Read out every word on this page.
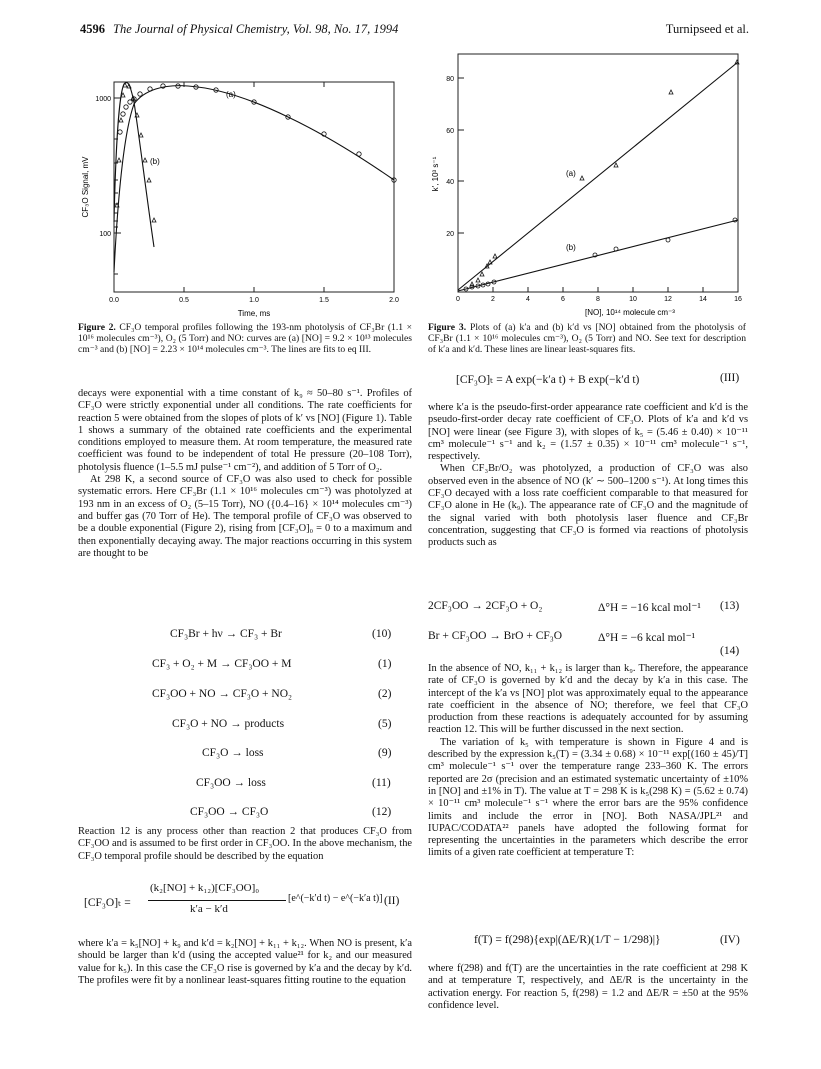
4596 The Journal of Physical Chemistry, Vol. 98, No. 17, 1994	Turnipseed et al.
0.0	0.5	1.0	1.5	2.0
1000
100
Time, ms
CF₃O Signal, mV
(a)
(b)
Figure 2. CF₃O temporal profiles following the 193-nm photolysis of CF₃Br (1.1 × 10¹⁶ molecules cm⁻³), O₂ (5 Torr) and NO: curves are (a) [NO] = 9.2 × 10¹³ molecules cm⁻³ and (b) [NO] = 2.23 × 10¹⁴ molecules cm⁻³. The lines are fits to eq III.
0	2	4	6	8	10	12	14	16
20
40
60
80
[NO], 10¹⁴ molecule cm⁻³
k', 10³ s⁻¹	(a)
(b)
Figure 3. Plots of (a) k′a and (b) k′d vs [NO] obtained from the photolysis of CF₃Br (1.1 × 10¹⁶ molecules cm⁻³), O₂ (5 Torr) and NO. See text for description of k′a and k′d. These lines are linear least-squares fits.

decays were exponential with a time constant of k₉ ≈ 50–80 s⁻¹. Profiles of CF₃O were strictly exponential under all conditions. The rate coefficients for reaction 5 were obtained from the slopes of plots of k′ vs [NO] (Figure 1). Table 1 shows a summary of the obtained rate coefficients and the experimental conditions employed to measure them. At room temperature, the measured rate coefficient was found to be independent of total He pressure (20–108 Torr), photolysis fluence (1–5.5 mJ pulse⁻¹ cm⁻²), and addition of 5 Torr of O₂.

At 298 K, a second source of CF₃O was also used to check for possible systematic errors. Here CF₃Br (1.1 × 10¹⁶ molecules cm⁻³) was photolyzed at 193 nm in an excess of O₂ (5–15 Torr), NO ({0.4–16} × 10¹⁴ molecules cm⁻³) and buffer gas (70 Torr of He). The temporal profile of CF₃O was observed to be a double exponential (Figure 2), rising from [CF₃O]₀ = 0 to a maximum and then exponentially decaying away. The major reactions occurring in this system are thought to be

CF₃Br + hν → CF₃ + Br	(10)
CF₃ + O₂ + M → CF₃OO + M	(1)
CF₃OO + NO → CF₃O + NO₂	(2)
CF₃O + NO → products	(5)
CF₃O → loss	(9)
CF₃OO → loss	(11)
CF₃OO → CF₃O	(12)

Reaction 12 is any process other than reaction 2 that produces CF₃O from CF₃OO and is assumed to be first order in CF₃OO. In the above mechanism, the CF₃O temporal profile should be described by the equation

[CF₃O]ₜ =
(k₂[NO] + k₁₂)[CF₃OO]₀
k′a − k′d
[e^(−k′d t) − e^(−k′a t)] (II)

where k′a = k₅[NO] + k₉ and k′d = k₂[NO] + k₁₁ + k₁₂. When NO is present, k′a should be larger than k′d (using the accepted value²¹ for k₂ and our measured value for k₅). In this case the CF₃O rise is governed by k′a and the decay by k′d. The profiles were fit by a nonlinear least-squares fitting routine to the equation

[CF₃O]ₜ = A exp(−k′a t) + B exp(−k′d t)	(III)

where k′a is the pseudo-first-order appearance rate coefficient and k′d is the pseudo-first-order decay rate coefficient of CF₃O. Plots of k′a and k′d vs [NO] were linear (see Figure 3), with slopes of k₅ = (5.46 ± 0.40) × 10⁻¹¹ cm³ molecule⁻¹ s⁻¹ and k₂ = (1.57 ± 0.35) × 10⁻¹¹ cm³ molecule⁻¹ s⁻¹, respectively.

When CF₃Br/O₂ was photolyzed, a production of CF₃O was also observed even in the absence of NO (k′ ∼ 500–1200 s⁻¹). At long times this CF₃O decayed with a loss rate coefficient comparable to that measured for CF₃O alone in He (k₉). The appearance rate of CF₃O and the magnitude of the signal varied with both photolysis laser fluence and CF₃Br concentration, suggesting that CF₃O is formed via reactions of photolysis products such as

2CF₃OO → 2CF₃O + O₂	Δ°H = −16 kcal mol⁻¹ (13)
Br + CF₃OO → BrO + CF₃O	Δ°H = −6 kcal mol⁻¹
(14)

In the absence of NO, k₁₁ + k₁₂ is larger than k₉. Therefore, the appearance rate of CF₃O is governed by k′d and the decay by k′a in this case. The intercept of the k′a vs [NO] plot was approximately equal to the appearance rate coefficient in the absence of NO; therefore, we feel that CF₃O production from these reactions is adequately accounted for by assuming reaction 12. This will be further discussed in the next section.

The variation of k₅ with temperature is shown in Figure 4 and is described by the expression k₅(T) = (3.34 ± 0.68) × 10⁻¹¹ exp[(160 ± 45)/T] cm³ molecule⁻¹ s⁻¹ over the temperature range 233–360 K. The errors reported are 2σ (precision and an estimated systematic uncertainty of ±10% in [NO] and ±1% in T). The value at T = 298 K is k₅(298 K) = (5.62 ± 0.74) × 10⁻¹¹ cm³ molecule⁻¹ s⁻¹ where the error bars are the 95% confidence limits and include the error in [NO]. Both NASA/JPL²¹ and IUPAC/CODATA²² panels have adopted the following format for representing the uncertainties in the parameters which describe the error limits of a given rate coefficient at temperature T:

f(T) = f(298){exp|(ΔE/R)(1/T − 1/298)|}	(IV)

where f(298) and f(T) are the uncertainties in the rate coefficient at 298 K and at temperature T, respectively, and ΔE/R is the uncertainty in the activation energy. For reaction 5, f(298) = 1.2 and ΔE/R = ±50 at the 95% confidence level.
